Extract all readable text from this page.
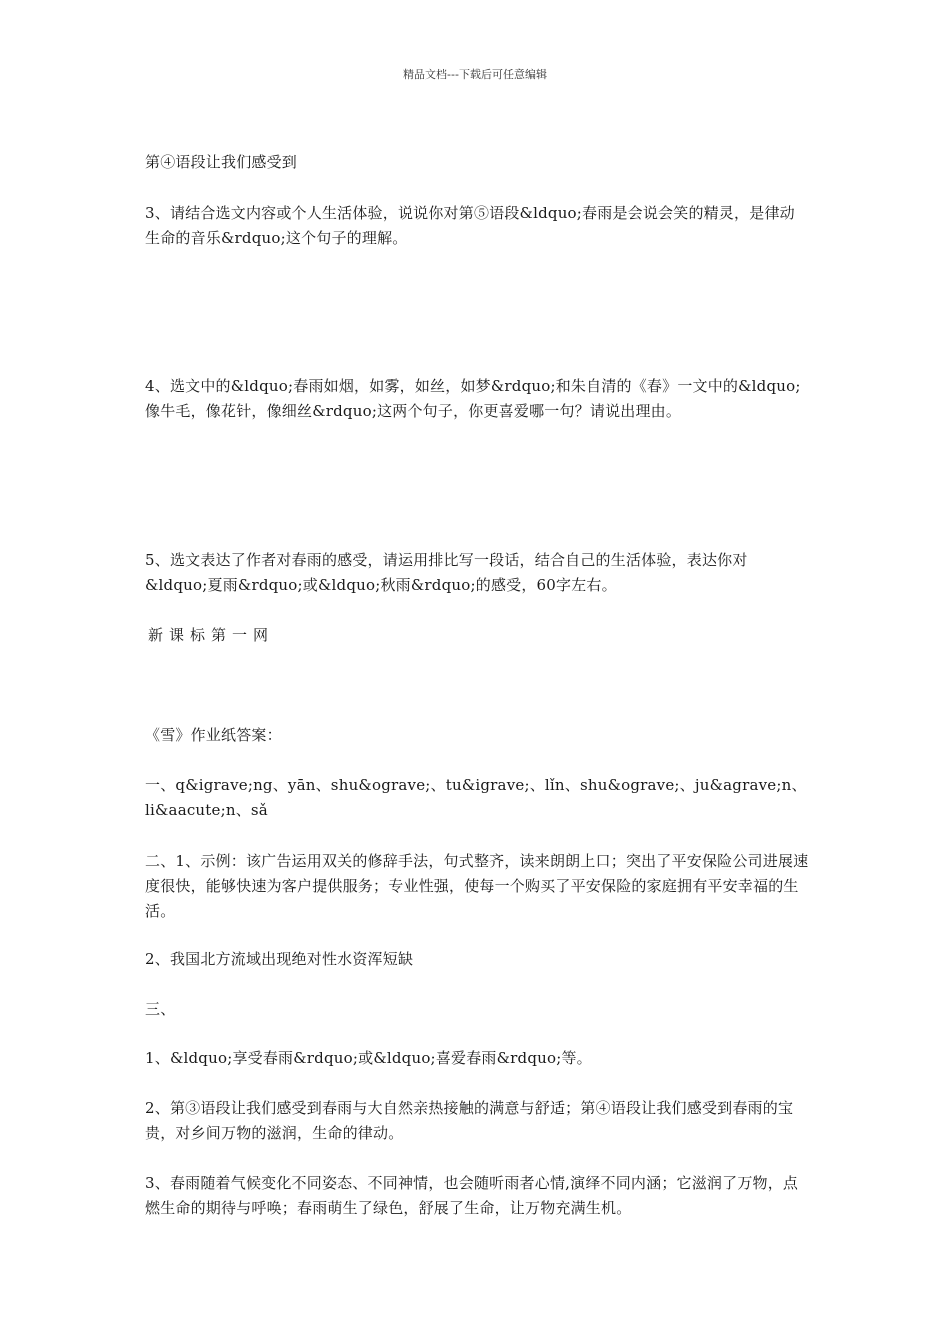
精品文档---下载后可任意编辑
第④语段让我们感受到
3、请结合选文内容或个人生活体验，说说你对第⑤语段&ldquo;春雨是会说会笑的精灵，是律动生命的音乐&rdquo;这个句子的理解。
4、选文中的&ldquo;春雨如烟，如雾，如丝，如梦&rdquo;和朱自清的《春》一文中的&ldquo;像牛毛，像花针，像细丝&rdquo;这两个句子，你更喜爱哪一句？请说出理由。
5、选文表达了作者对春雨的感受，请运用排比写一段话，结合自己的生活体验，表达你对&ldquo;夏雨&rdquo;或&ldquo;秋雨&rdquo;的感受，60字左右。
新课标第一网
《雪》作业纸答案：
一、q&igrave;ng、yān、shu&ograve;、tu&igrave;、lǐn、shu&ograve;、ju&agrave;n、li&aacute;n、sǎ
二、1、示例：该广告运用双关的修辞手法，句式整齐，读来朗朗上口；突出了平安保险公司进展速度很快，能够快速为客户提供服务；专业性强，使每一个购买了平安保险的家庭拥有平安幸福的生活。
2、我国北方流域出现绝对性水资浑短缺
三、
1、&ldquo;享受春雨&rdquo;或&ldquo;喜爱春雨&rdquo;等。
2、第③语段让我们感受到春雨与大自然亲热接触的满意与舒适；第④语段让我们感受到春雨的宝贵，对乡间万物的滋润，生命的律动。
3、春雨随着气候变化不同姿态、不同神情，也会随听雨者心情,演绎不同内涵；它滋润了万物，点燃生命的期待与呼唤；春雨萌生了绿色，舒展了生命，让万物充满生机。
